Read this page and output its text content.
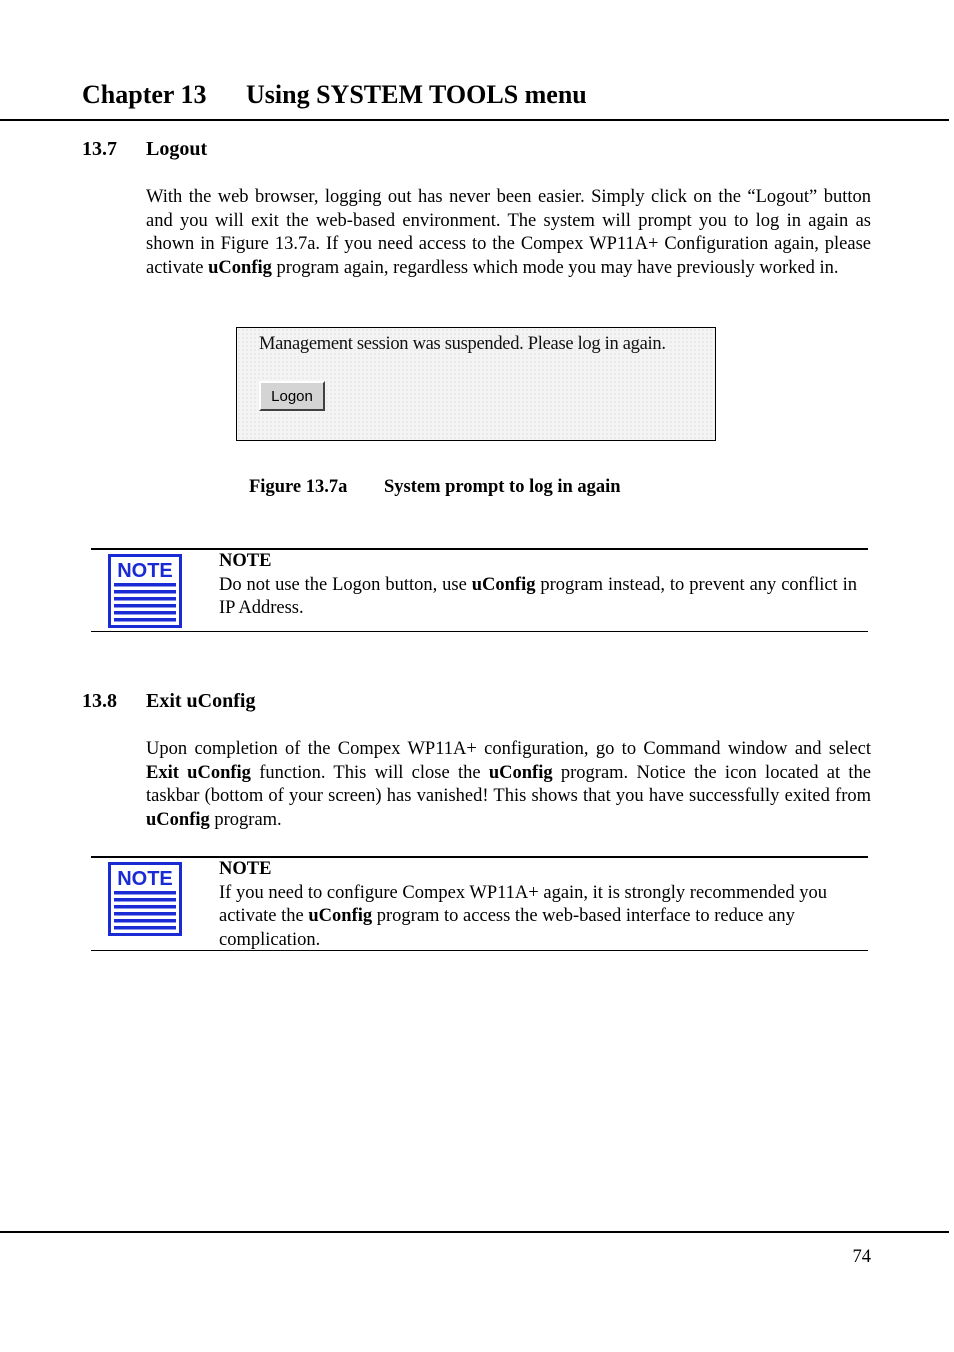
Chapter 13 Using SYSTEM TOOLS menu
13.7 Logout
With the web browser, logging out has never been easier. Simply click on the “Logout” button and you will exit the web-based environment. The system will prompt you to log in again as shown in Figure 13.7a. If you need access to the Compex WP11A+ Configuration again, please activate uConfig program again, regardless which mode you may have previously worked in.
Management session was suspended. Please log in again.
Logon
Figure 13.7a System prompt to log in again
NOTE NOTE
Do not use the Logon button, use uConfig program instead, to prevent any conflict in IP Address.
13.8 Exit uConfig
Upon completion of the Compex WP11A+ configuration, go to Command window and select Exit uConfig function. This will close the uConfig program. Notice the icon located at the taskbar (bottom of your screen) has vanished! This shows that you have successfully exited from uConfig program.
NOTE NOTE
If you need to configure Compex WP11A+ again, it is strongly recommended you activate the uConfig program to access the web-based interface to reduce any complication.
74
